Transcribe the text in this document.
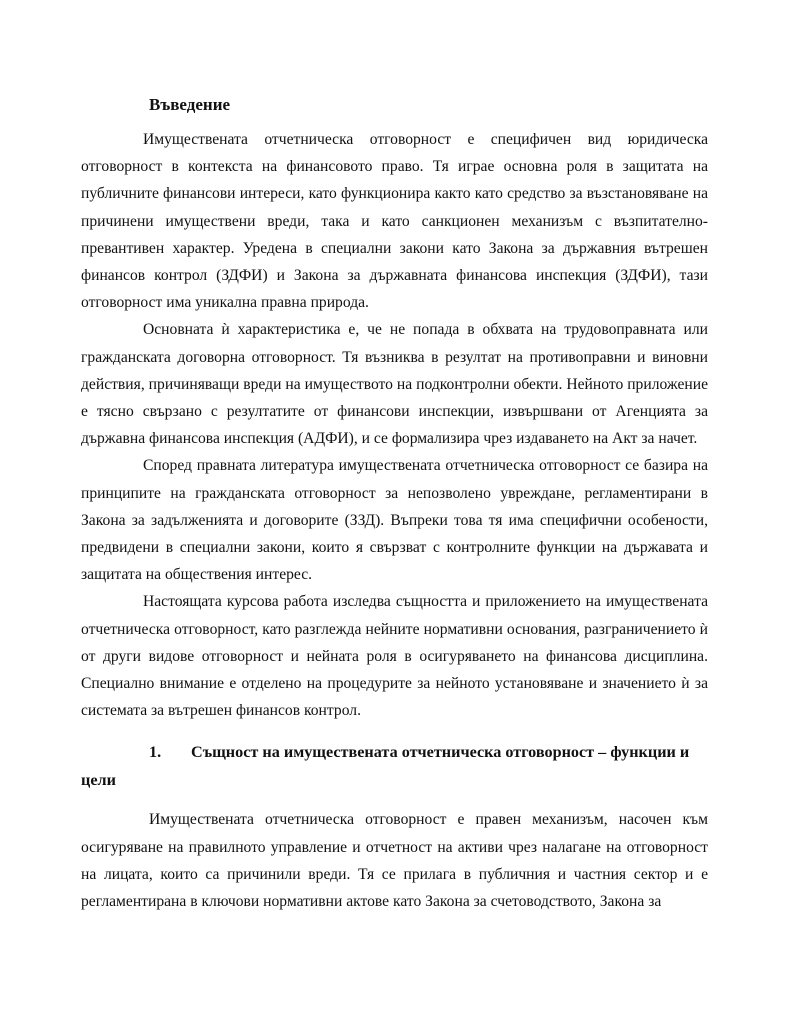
Въведение

Имуществената отчетническа отговорност е специфичен вид юридическа отговорност в контекста на финансовото право. Тя играе основна роля в защитата на публичните финансови интереси, като функционира както като средство за възстановяване на причинени имуществени вреди, така и като санкционен механизъм с възпитателно-превантивен характер. Уредена в специални закони като Закона за държавния вътрешен финансов контрол (ЗДФИ) и Закона за държавната финансова инспекция (ЗДФИ), тази отговорност има уникална правна природа.

Основната ѝ характеристика е, че не попада в обхвата на трудовоправната или гражданската договорна отговорност. Тя възниква в резултат на противоправни и виновни действия, причиняващи вреди на имуществото на подконтролни обекти. Нейното приложение е тясно свързано с резултатите от финансови инспекции, извършвани от Агенцията за държавна финансова инспекция (АДФИ), и се формализира чрез издаването на Акт за начет.

Според правната литература имуществената отчетническа отговорност се базира на принципите на гражданската отговорност за непозволено увреждане, регламентирани в Закона за задълженията и договорите (ЗЗД). Въпреки това тя има специфични особености, предвидени в специални закони, които я свързват с контролните функции на държавата и защитата на обществения интерес.

Настоящата курсова работа изследва същността и приложението на имуществената отчетническа отговорност, като разглежда нейните нормативни основания, разграничението ѝ от други видове отговорност и нейната роля в осигуряването на финансова дисциплина. Специално внимание е отделено на процедурите за нейното установяване и значението ѝ за системата за вътрешен финансов контрол.

1. Същност на имуществената отчетническа отговорност – функции и цели

Имуществената отчетническа отговорност е правен механизъм, насочен към осигуряване на правилното управление и отчетност на активи чрез налагане на отговорност на лицата, които са причинили вреди. Тя се прилага в публичния и частния сектор и е регламентирана в ключови нормативни актове като Закона за счетоводството, Закона за
